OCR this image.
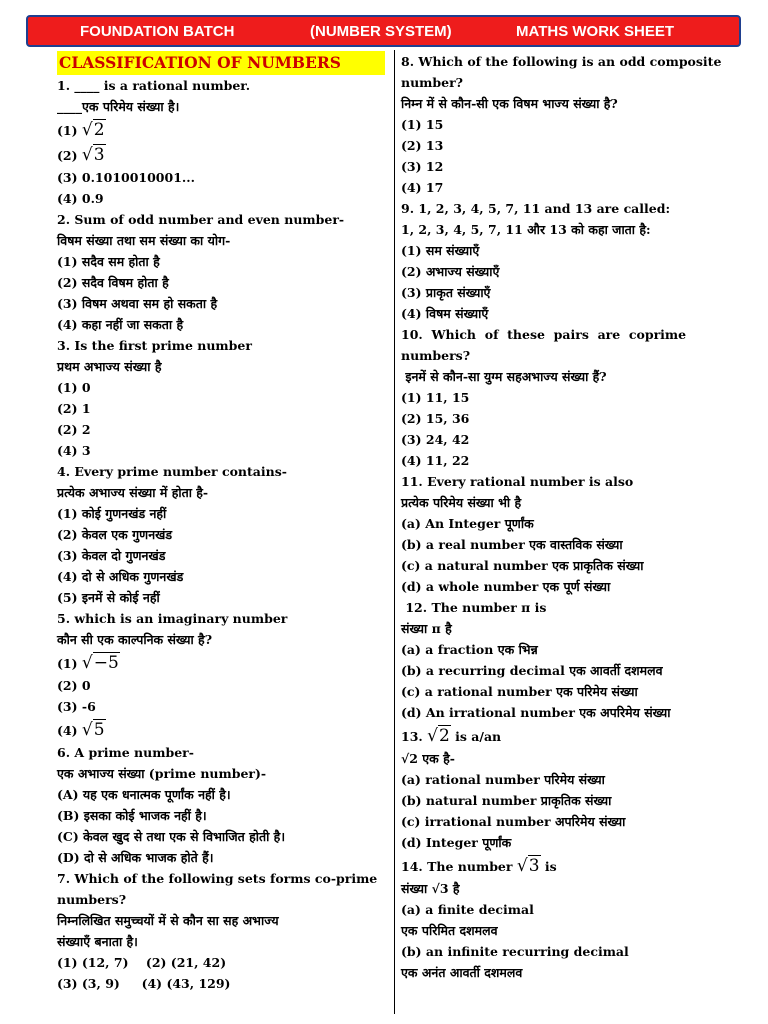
FOUNDATION BATCH	(NUMBER SYSTEM)	MATHS WORK SHEET
CLASSIFICATION OF NUMBERS
1. ____ is a rational number.
____एक परिमेय संख्या है।
(1) √2
(2) √3
(3) 0.1010010001...
(4) 0.9
2. Sum of odd number and even number-
विषम संख्या तथा सम संख्या का योग-
(1) सदैव सम होता है
(2) सदैव विषम होता है
(3) विषम अथवा सम हो सकता है
(4) कहा नहीं जा सकता है
3. Is the first prime number
प्रथम अभाज्य संख्या है
(1) 0
(2) 1
(2) 2
(4) 3
4. Every prime number contains-
प्रत्येक अभाज्य संख्या में होता है-
(1) कोई गुणनखंड नहीं
(2) केवल एक गुणनखंड
(3) केवल दो गुणनखंड
(4) दो से अधिक गुणनखंड
(5) इनमें से कोई नहीं
5. which is an imaginary number
कौन सी एक काल्पनिक संख्या है?
(1) √−5
(2) 0
(3) -6
(4) √5
6. A prime number-
एक अभाज्य संख्या (prime number)-
(A) यह एक धनात्मक पूर्णांक नहीं है।
(B) इसका कोई भाजक नहीं है।
(C) केवल खुद से तथा एक से विभाजित होती है।
(D) दो से अधिक भाजक होते हैं।
7. Which of the following sets forms co-prime
numbers?
निम्नलिखित समुच्चयों में से कौन सा सह अभाज्य
संख्याएँ बनाता है।
(1) (12, 7)    (2) (21, 42)
(3) (3, 9)     (4) (43, 129)
8. Which of the following is an odd composite
number?
निम्न में से कौन-सी एक विषम भाज्य संख्या है?
(1) 15
(2) 13
(3) 12
(4) 17
9. 1, 2, 3, 4, 5, 7, 11 and 13 are called:
1, 2, 3, 4, 5, 7, 11 और 13 को कहा जाता है:
(1) सम संख्याएँ
(2) अभाज्य संख्याएँ
(3) प्राकृत संख्याएँ
(4) विषम संख्याएँ
10.  Which  of  these  pairs  are  coprime
numbers?
इनमें से कौन-सा युग्म सहअभाज्य संख्या हैं?
(1) 11, 15
(2) 15, 36
(3) 24, 42
(4) 11, 22
11. Every rational number is also
प्रत्येक परिमेय संख्या भी है
(a) An Integer पूर्णांक
(b) a real number एक वास्तविक संख्या
(c) a natural number एक प्राकृतिक संख्या
(d) a whole number एक पूर्ण संख्या
12. The number π is
संख्या π है
(a) a fraction एक भिन्न
(b) a recurring decimal एक आवर्ती दशमलव
(c) a rational number एक परिमेय संख्या
(d) An irrational number एक अपरिमेय संख्या
13. √2 is a/an
√2 एक है-
(a) rational number परिमेय संख्या
(b) natural number प्राकृतिक संख्या
(c) irrational number अपरिमेय संख्या
(d) Integer पूर्णांक
14. The number √3 is
संख्या √3 है
(a) a finite decimal
एक परिमित दशमलव
(b) an infinite recurring decimal
एक अनंत आवर्ती दशमलव
